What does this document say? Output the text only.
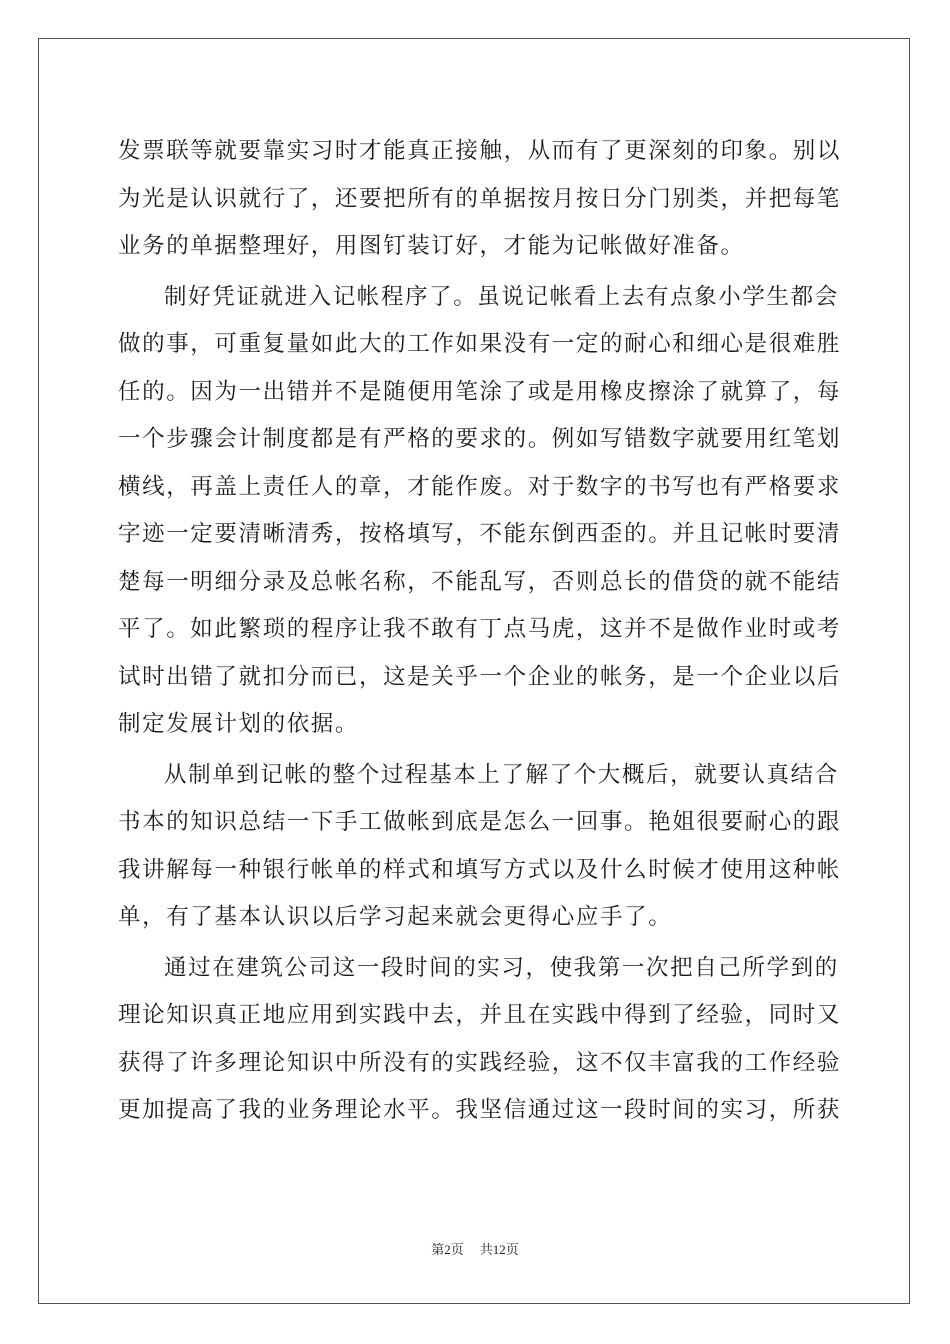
发票联等就要靠实习时才能真正接触，从而有了更深刻的印象。别以
为光是认识就行了，还要把所有的单据按月按日分门别类，并把每笔
业务的单据整理好，用图钉装订好，才能为记帐做好准备。
制好凭证就进入记帐程序了。虽说记帐看上去有点象小学生都会
做的事，可重复量如此大的工作如果没有一定的耐心和细心是很难胜
任的。因为一出错并不是随便用笔涂了或是用橡皮擦涂了就算了，每
一个步骤会计制度都是有严格的要求的。例如写错数字就要用红笔划
横线，再盖上责任人的章，才能作废。对于数字的书写也有严格要求
字迹一定要清晰清秀，按格填写，不能东倒西歪的。并且记帐时要清
楚每一明细分录及总帐名称，不能乱写，否则总长的借贷的就不能结
平了。如此繁琐的程序让我不敢有丁点马虎，这并不是做作业时或考
试时出错了就扣分而已，这是关乎一个企业的帐务，是一个企业以后
制定发展计划的依据。
从制单到记帐的整个过程基本上了解了个大概后，就要认真结合
书本的知识总结一下手工做帐到底是怎么一回事。艳姐很要耐心的跟
我讲解每一种银行帐单的样式和填写方式以及什么时候才使用这种帐
单，有了基本认识以后学习起来就会更得心应手了。
通过在建筑公司这一段时间的实习，使我第一次把自己所学到的
理论知识真正地应用到实践中去，并且在实践中得到了经验，同时又
获得了许多理论知识中所没有的实践经验，这不仅丰富我的工作经验
更加提高了我的业务理论水平。我坚信通过这一段时间的实习，所获
第2页 共12页
